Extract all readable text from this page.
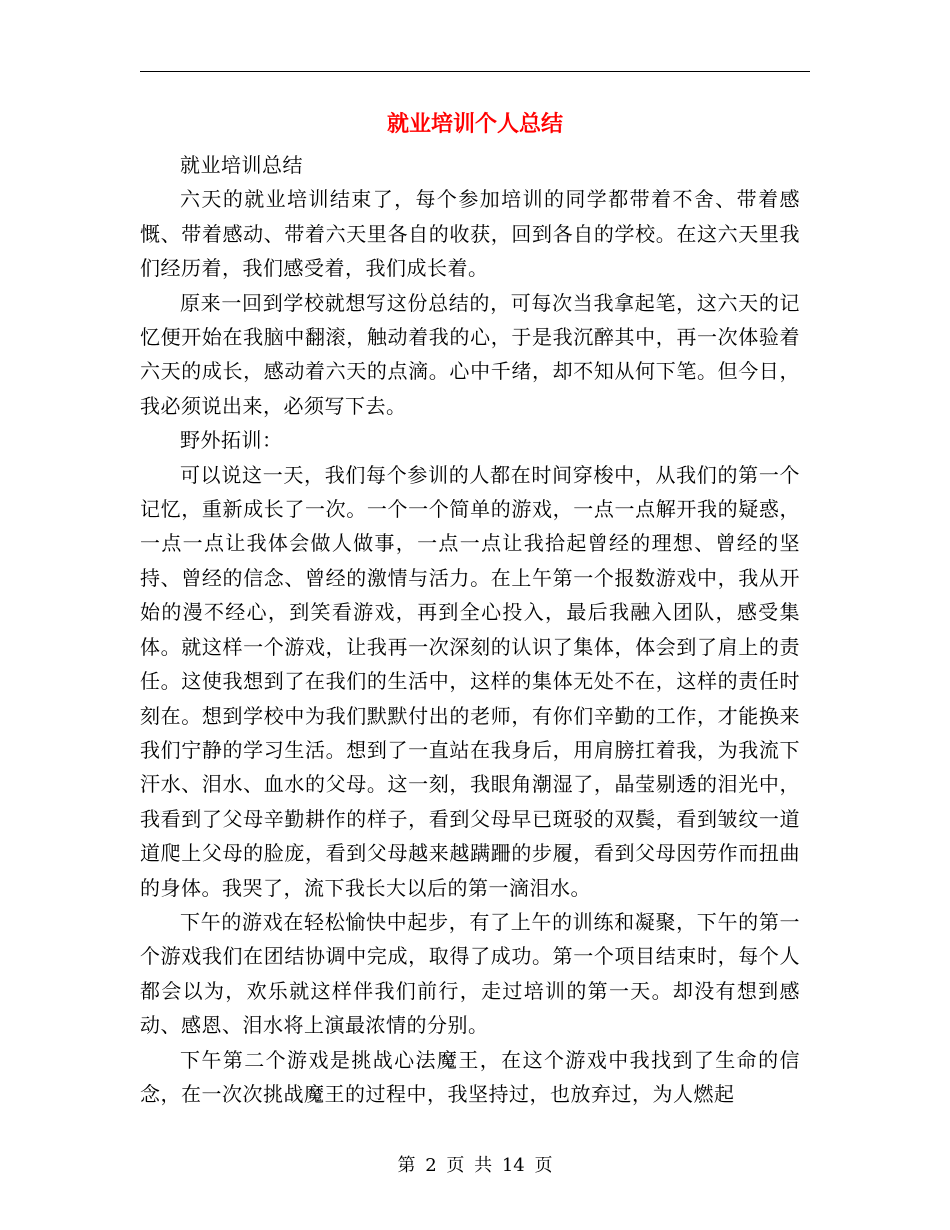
就业培训个人总结

就业培训总结

六天的就业培训结束了，每个参加培训的同学都带着不舍、带着感慨、带着感动、带着六天里各自的收获，回到各自的学校。在这六天里我们经历着，我们感受着，我们成长着。

原来一回到学校就想写这份总结的，可每次当我拿起笔，这六天的记忆便开始在我脑中翻滚，触动着我的心，于是我沉醉其中，再一次体验着六天的成长，感动着六天的点滴。心中千绪，却不知从何下笔。但今日，我必须说出来，必须写下去。

野外拓训：

可以说这一天，我们每个参训的人都在时间穿梭中，从我们的第一个记忆，重新成长了一次。一个一个简单的游戏，一点一点解开我的疑惑，一点一点让我体会做人做事，一点一点让我拾起曾经的理想、曾经的坚持、曾经的信念、曾经的激情与活力。在上午第一个报数游戏中，我从开始的漫不经心，到笑看游戏，再到全心投入，最后我融入团队，感受集体。就这样一个游戏，让我再一次深刻的认识了集体，体会到了肩上的责任。这使我想到了在我们的生活中，这样的集体无处不在，这样的责任时刻在。想到学校中为我们默默付出的老师，有你们辛勤的工作，才能换来我们宁静的学习生活。想到了一直站在我身后，用肩膀扛着我，为我流下汗水、泪水、血水的父母。这一刻，我眼角潮湿了，晶莹剔透的泪光中，我看到了父母辛勤耕作的样子，看到父母早已斑驳的双鬓，看到皱纹一道道爬上父母的脸庞，看到父母越来越蹒跚的步履，看到父母因劳作而扭曲的身体。我哭了，流下我长大以后的第一滴泪水。

下午的游戏在轻松愉快中起步，有了上午的训练和凝聚，下午的第一个游戏我们在团结协调中完成，取得了成功。第一个项目结束时，每个人都会以为，欢乐就这样伴我们前行，走过培训的第一天。却没有想到感动、感恩、泪水将上演最浓情的分别。

下午第二个游戏是挑战心法魔王，在这个游戏中我找到了生命的信念，在一次次挑战魔王的过程中，我坚持过，也放弃过，为人燃起

第 2 页 共 14 页
